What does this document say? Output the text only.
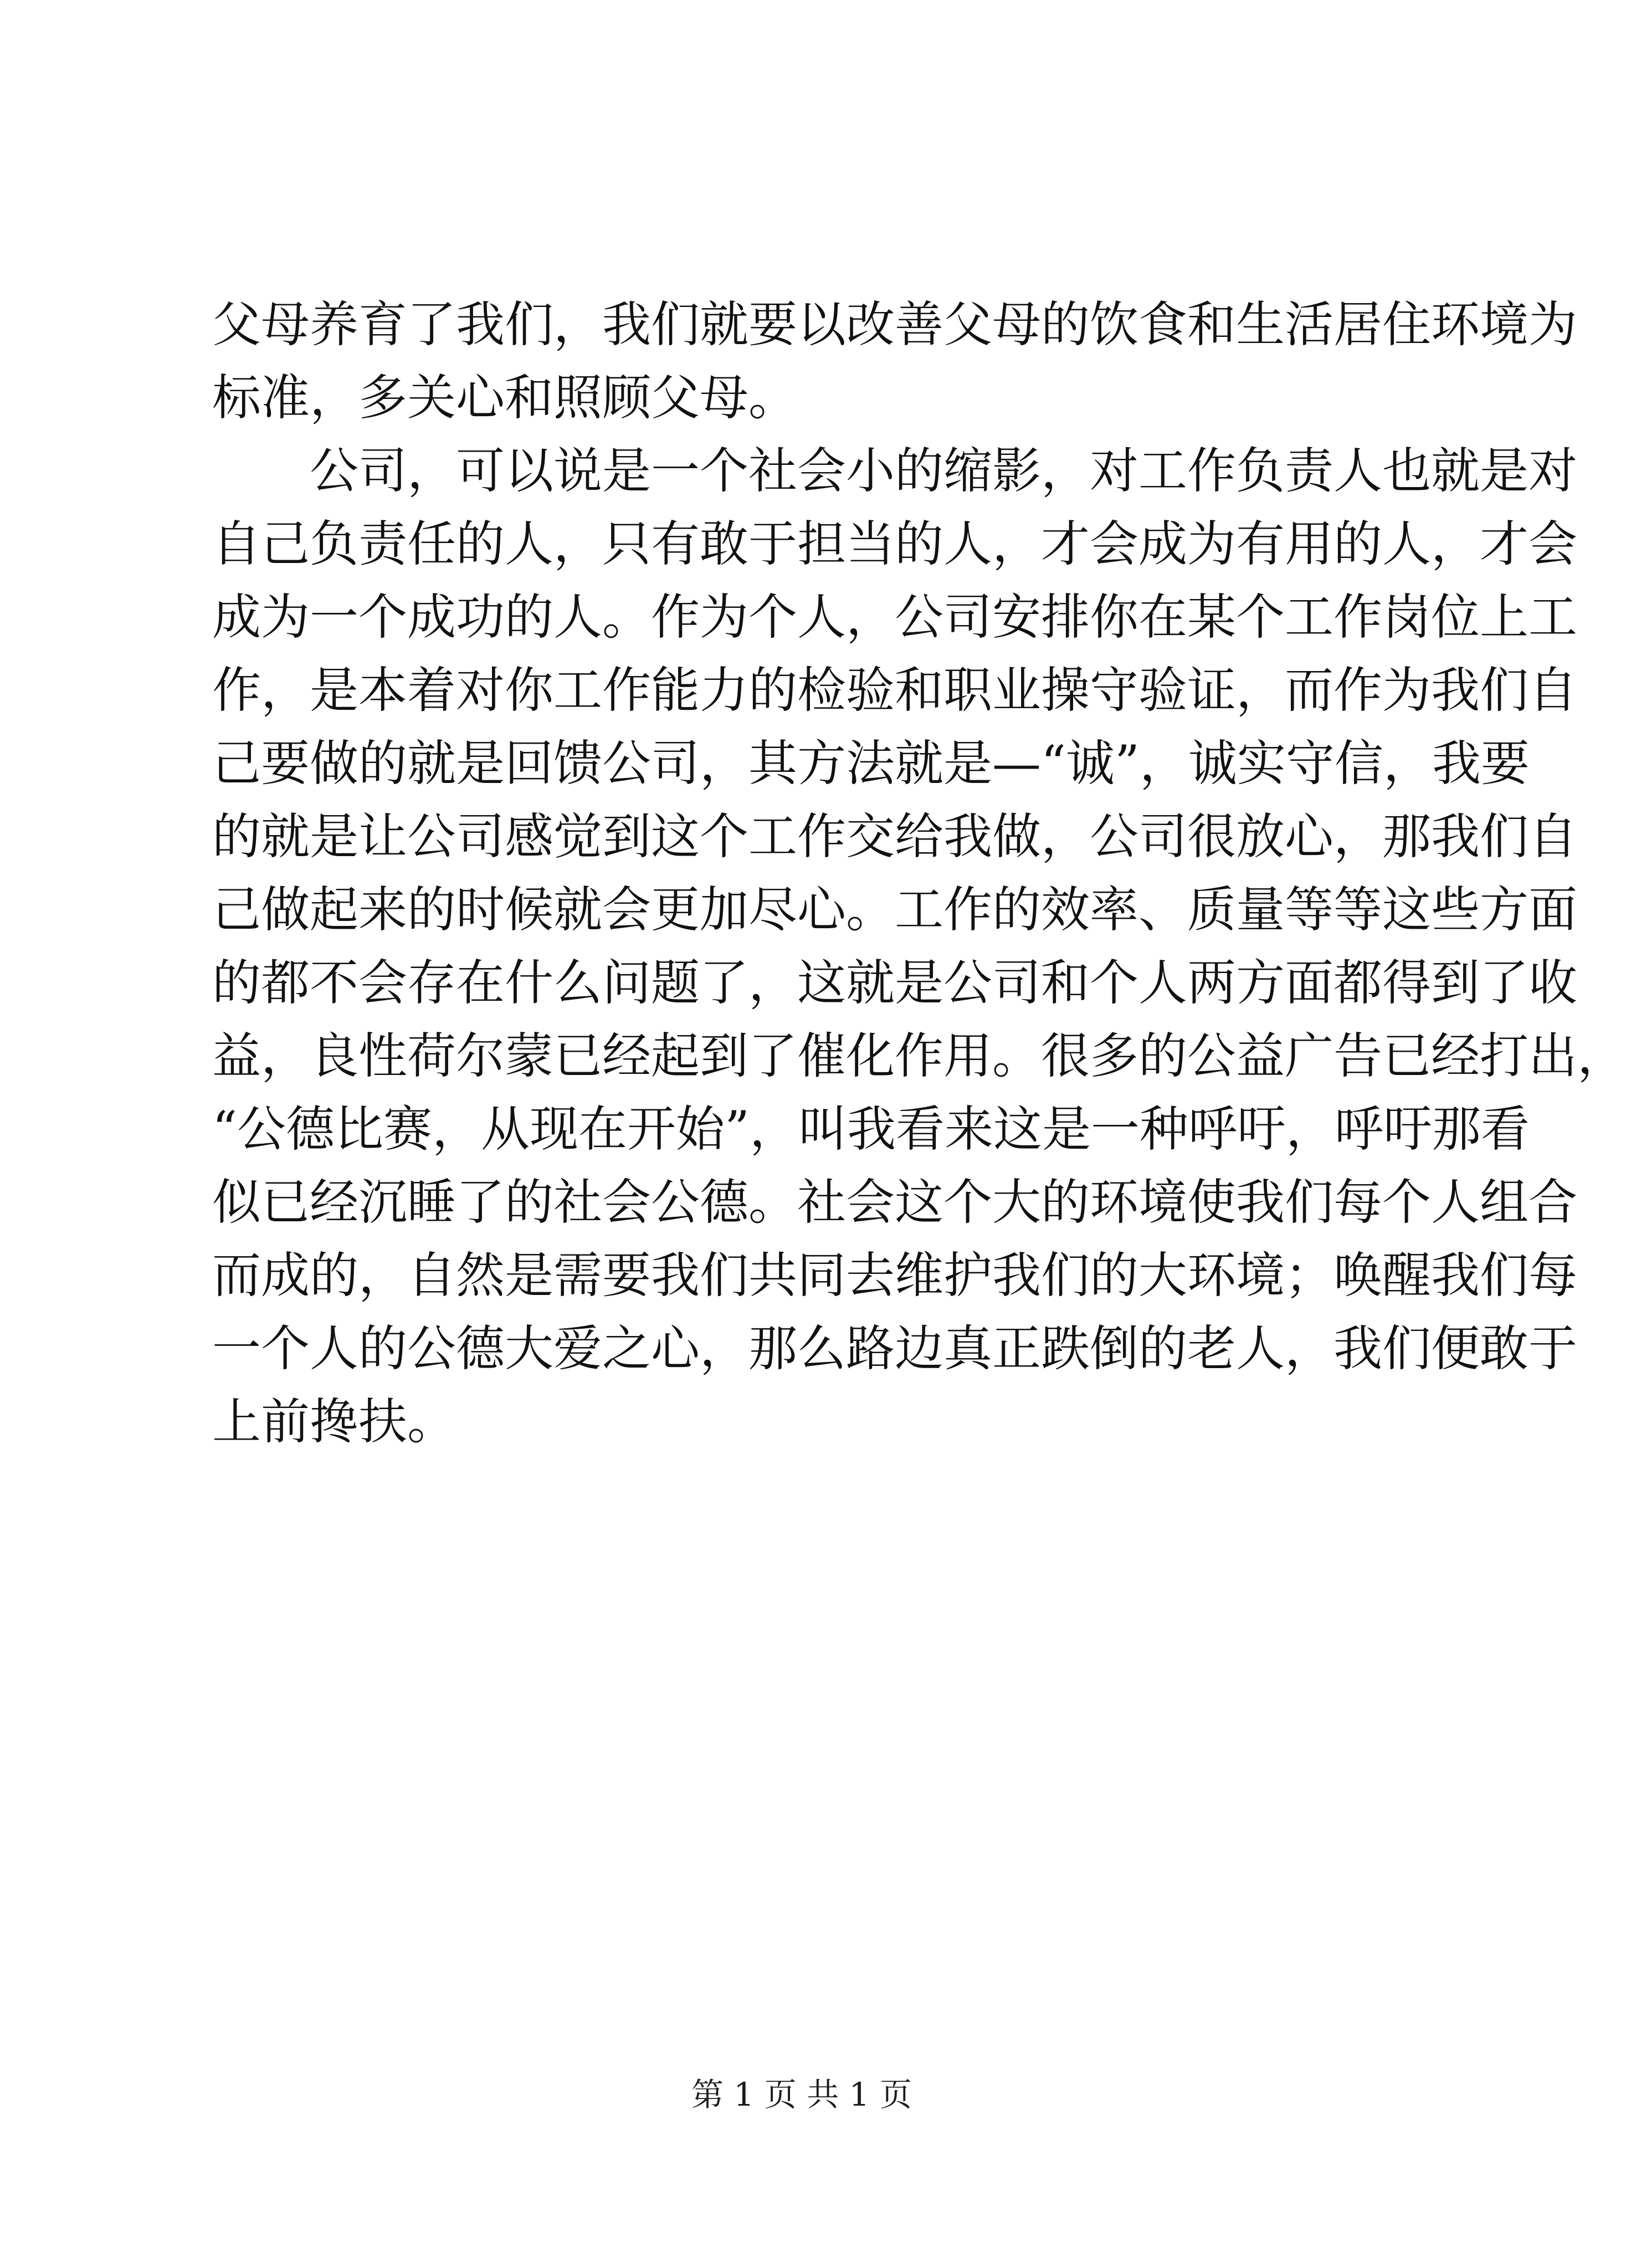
父母养育了我们，我们就要以改善父母的饮食和生活居住环境为
标准，多关心和照顾父母。
　　公司，可以说是一个社会小的缩影，对工作负责人也就是对
自己负责任的人，只有敢于担当的人，才会成为有用的人，才会
成为一个成功的人。作为个人，公司安排你在某个工作岗位上工
作，是本着对你工作能力的检验和职业操守验证，而作为我们自
己要做的就是回馈公司，其方法就是—“诚”，诚实守信，我要
的就是让公司感觉到这个工作交给我做，公司很放心，那我们自
己做起来的时候就会更加尽心。工作的效率、质量等等这些方面
的都不会存在什么问题了，这就是公司和个人两方面都得到了收
益，良性荷尔蒙已经起到了催化作用。很多的公益广告已经打出，
“公德比赛，从现在开始”，叫我看来这是一种呼吁，呼吁那看
似已经沉睡了的社会公德。社会这个大的环境使我们每个人组合
而成的，自然是需要我们共同去维护我们的大环境；唤醒我们每
一个人的公德大爱之心，那么路边真正跌倒的老人，我们便敢于
上前搀扶。
第 1 页 共 1 页
